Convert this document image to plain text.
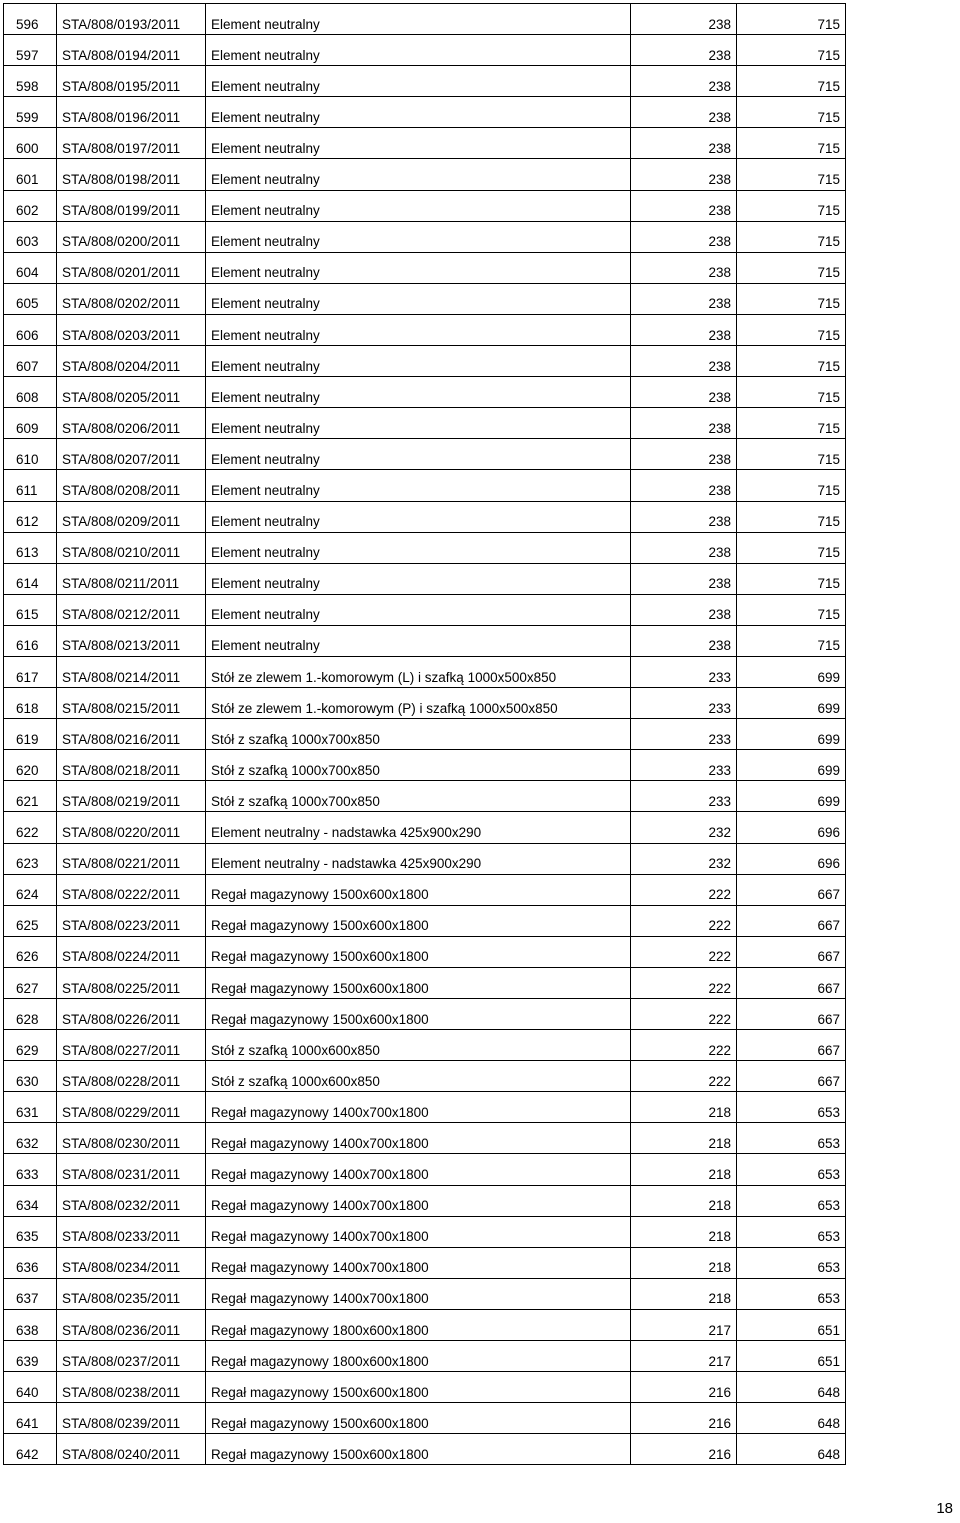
596	STA/808/0193/2011	Element neutralny	238	715
597	STA/808/0194/2011	Element neutralny	238	715
598	STA/808/0195/2011	Element neutralny	238	715
599	STA/808/0196/2011	Element neutralny	238	715
600	STA/808/0197/2011	Element neutralny	238	715
601	STA/808/0198/2011	Element neutralny	238	715
602	STA/808/0199/2011	Element neutralny	238	715
603	STA/808/0200/2011	Element neutralny	238	715
604	STA/808/0201/2011	Element neutralny	238	715
605	STA/808/0202/2011	Element neutralny	238	715
606	STA/808/0203/2011	Element neutralny	238	715
607	STA/808/0204/2011	Element neutralny	238	715
608	STA/808/0205/2011	Element neutralny	238	715
609	STA/808/0206/2011	Element neutralny	238	715
610	STA/808/0207/2011	Element neutralny	238	715
611	STA/808/0208/2011	Element neutralny	238	715
612	STA/808/0209/2011	Element neutralny	238	715
613	STA/808/0210/2011	Element neutralny	238	715
614	STA/808/0211/2011	Element neutralny	238	715
615	STA/808/0212/2011	Element neutralny	238	715
616	STA/808/0213/2011	Element neutralny	238	715
617	STA/808/0214/2011	Stół ze zlewem 1.-komorowym (L) i szafką 1000x500x850	233	699
618	STA/808/0215/2011	Stół ze zlewem 1.-komorowym (P) i szafką 1000x500x850	233	699
619	STA/808/0216/2011	Stół z szafką 1000x700x850	233	699
620	STA/808/0218/2011	Stół z szafką 1000x700x850	233	699
621	STA/808/0219/2011	Stół z szafką 1000x700x850	233	699
622	STA/808/0220/2011	Element neutralny - nadstawka 425x900x290	232	696
623	STA/808/0221/2011	Element neutralny - nadstawka 425x900x290	232	696
624	STA/808/0222/2011	Regał magazynowy 1500x600x1800	222	667
625	STA/808/0223/2011	Regał magazynowy 1500x600x1800	222	667
626	STA/808/0224/2011	Regał magazynowy 1500x600x1800	222	667
627	STA/808/0225/2011	Regał magazynowy 1500x600x1800	222	667
628	STA/808/0226/2011	Regał magazynowy 1500x600x1800	222	667
629	STA/808/0227/2011	Stół z szafką 1000x600x850	222	667
630	STA/808/0228/2011	Stół z szafką 1000x600x850	222	667
631	STA/808/0229/2011	Regał magazynowy 1400x700x1800	218	653
632	STA/808/0230/2011	Regał magazynowy 1400x700x1800	218	653
633	STA/808/0231/2011	Regał magazynowy 1400x700x1800	218	653
634	STA/808/0232/2011	Regał magazynowy 1400x700x1800	218	653
635	STA/808/0233/2011	Regał magazynowy 1400x700x1800	218	653
636	STA/808/0234/2011	Regał magazynowy 1400x700x1800	218	653
637	STA/808/0235/2011	Regał magazynowy 1400x700x1800	218	653
638	STA/808/0236/2011	Regał magazynowy 1800x600x1800	217	651
639	STA/808/0237/2011	Regał magazynowy 1800x600x1800	217	651
640	STA/808/0238/2011	Regał magazynowy 1500x600x1800	216	648
641	STA/808/0239/2011	Regał magazynowy 1500x600x1800	216	648
642	STA/808/0240/2011	Regał magazynowy 1500x600x1800	216	648
18
